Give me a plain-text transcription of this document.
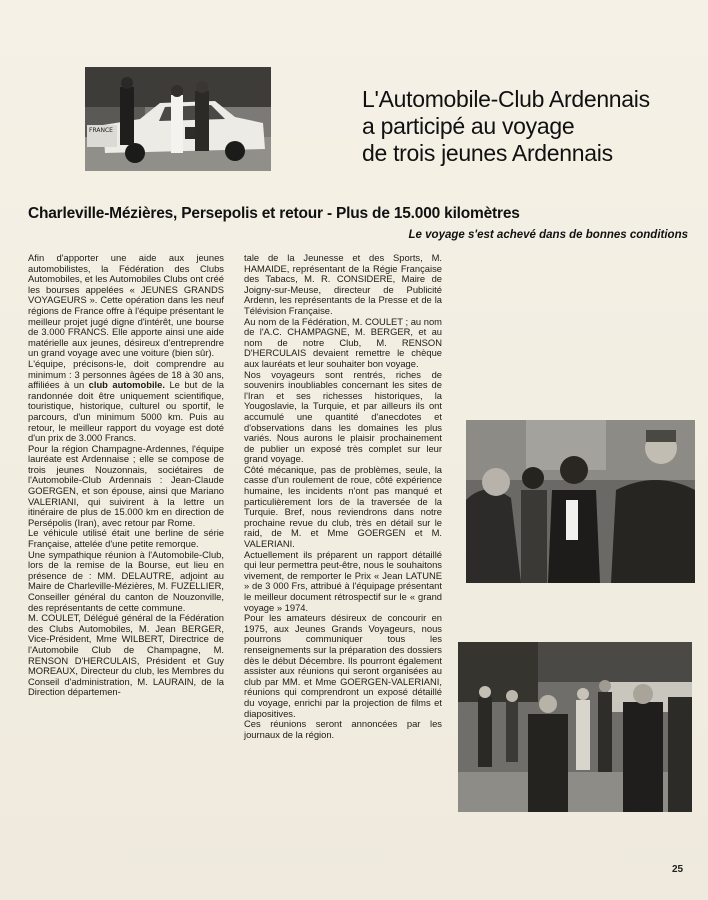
FRANCE
L'Automobile-Club Ardennais
a participé au voyage
de trois jeunes Ardennais
Charleville-Mézières, Persepolis et retour - Plus de 15.000 kilomètres
Le voyage s'est achevé dans de bonnes conditions

Afin d'apporter une aide aux jeunes automobilistes, la Fédération des Clubs Automobiles, et les Automobiles Clubs ont créé les bourses appelées « JEUNES GRANDS VOYAGEURS ». Cette opération dans les neuf régions de France offre à l'équipe présentant le meilleur projet jugé digne d'intérêt, une bourse de 3.000 FRANCS. Elle apporte ainsi une aide matérielle aux jeunes, désireux d'entreprendre un grand voyage avec une voiture (bien sûr).

L'équipe, précisons-le, doit comprendre au minimum : 3 personnes âgées de 18 à 30 ans, affiliées à un club automobile. Le but de la randonnée doit être uniquement scientifique, touristique, historique, culturel ou sportif, le parcours, d'un minimum 5000 km. Puis au retour, le meilleur rapport du voyage est doté d'un prix de 3.000 Francs.

Pour la région Champagne-Ardennes, l'équipe lauréate est Ardennaise ; elle se compose de trois jeunes Nouzonnais, sociétaires de l'Automobile-Club Ardennais : Jean-Claude GOERGEN, et son épouse, ainsi que Mariano VALERIANI, qui suivirent à la lettre un itinéraire de plus de 15.000 km en direction de Persépolis (Iran), avec retour par Rome.

Le véhicule utilisé était une berline de série Française, attelée d'une petite remorque.

Une sympathique réunion à l'Automobile-Club, lors de la remise de la Bourse, eut lieu en présence de : MM. DELAUTRE, adjoint au Maire de Charleville-Mézières, M. FUZELLIER, Conseiller général du canton de Nouzonville, des représentants de cette commune.

M. COULET, Délégué général de la Fédération des Clubs Automobiles, M. Jean BERGER, Vice-Président, Mme WILBERT, Directrice de l'Automobile Club de Champagne, M. RENSON D'HERCULAIS, Président et Guy MOREAUX, Directeur du club, les Membres du Conseil d'administration, M. LAURAIN, de la Direction départemen-

tale de la Jeunesse et des Sports, M. HAMAIDE, représentant de la Régie Française des Tabacs, M. R. CONSIDERE, Maire de Joigny-sur-Meuse, directeur de Publicité Ardenn, les représentants de la Presse et de la Télévision Française.

Au nom de la Fédération, M. COULET ; au nom de l'A.C. CHAMPAGNE, M. BERGER, et au nom de notre Club, M. RENSON D'HERCULAIS devaient remettre le chèque aux lauréats et leur souhaiter bon voyage.

Nos voyageurs sont rentrés, riches de souvenirs inoubliables concernant les sites de l'Iran et ses richesses historiques, la Yougoslavie, la Turquie, et par ailleurs ils ont accumulé une quantité d'anecdotes et d'observations dans les domaines les plus variés. Nous aurons le plaisir prochainement de publier un exposé très complet sur leur grand voyage.

Côté mécanique, pas de problèmes, seule, la casse d'un roulement de roue, côté expérience humaine, les incidents n'ont pas manqué et particulièrement lors de la traversée de la Turquie. Bref, nous reviendrons dans notre prochaine revue du club, très en détail sur le raid, de M. et Mme GOERGEN et M. VALERIANI.

Actuellement ils préparent un rapport détaillé qui leur permettra peut-être, nous le souhaitons vivement, de remporter le Prix « Jean LATUNE » de 3 000 Frs, attribué à l'équipage présentant le meilleur document rétrospectif sur le « grand voyage » 1974.

Pour les amateurs désireux de concourir en 1975, aux Jeunes Grands Voyageurs, nous pourrons communiquer tous les renseignements sur la préparation des dossiers dès le début Décembre. Ils pourront également assister aux réunions qui seront organisées au club par MM. et Mme GOERGEN-VALERIANI, réunions qui comprendront un exposé détaillé du voyage, enrichi par la projection de films et diapositives.

Ces réunions seront annoncées par les journaux de la région.

25
